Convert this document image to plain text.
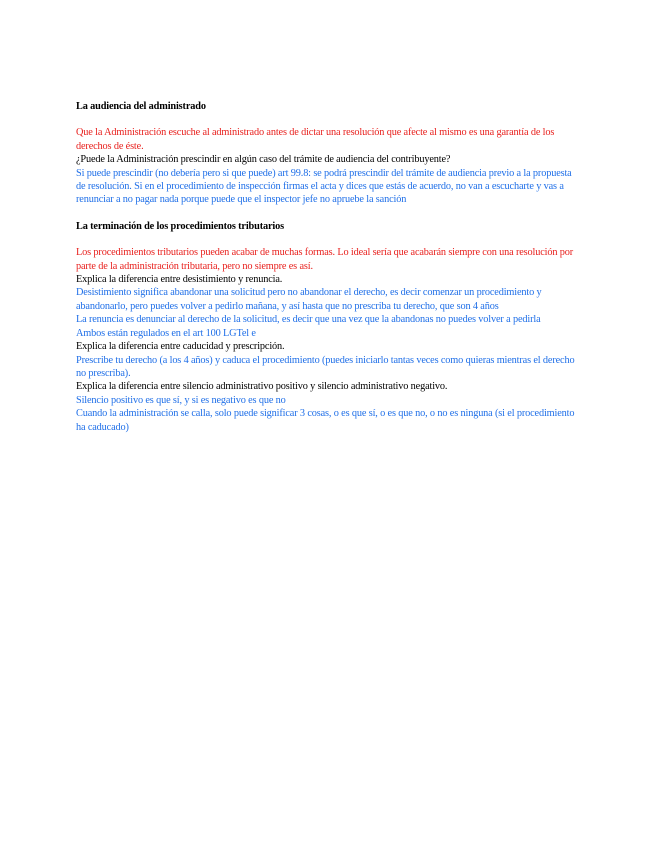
La audiencia del administrado

Que la Administración escuche al administrado antes de dictar una resolución que afecte al mismo es una garantía de los derechos de éste.

¿Puede la Administración prescindir en algún caso del trámite de audiencia del contribuyente?

Si puede prescindir (no debería pero si que puede) art 99.8: se podrá prescindir del trámite de audiencia previo a la propuesta de resolución. Si en el procedimiento de inspección firmas el acta y dices que estás de acuerdo, no van a escucharte y vas a renunciar a no pagar nada porque puede que el inspector jefe no apruebe la sanción

La terminación de los procedimientos tributarios

Los procedimientos tributarios pueden acabar de muchas formas. Lo ideal sería que acabarán siempre con una resolución por parte de la administración tributaria, pero no siempre es así.

Explica la diferencia entre desistimiento y renuncia.

Desistimiento significa abandonar una solicitud pero no abandonar el derecho, es decir comenzar un procedimiento y abandonarlo, pero puedes volver a pedirlo mañana, y así hasta que no prescriba tu derecho, que son 4 años

La renuncia es denunciar al derecho de la solicitud, es decir que una vez que la abandonas no puedes volver a pedirla

Ambos están regulados en el art 100 LGTel e

Explica la diferencia entre caducidad y prescripción.

Prescribe tu derecho (a los 4 años) y caduca el procedimiento (puedes iniciarlo tantas veces como quieras mientras el derecho no prescriba).

Explica la diferencia entre silencio administrativo positivo y silencio administrativo negativo.

Silencio positivo es que sí, y si es negativo es que no

Cuando la administración se calla, solo puede significar 3 cosas, o es que sí, o es que no, o no es ninguna (si el procedimiento ha caducado)
